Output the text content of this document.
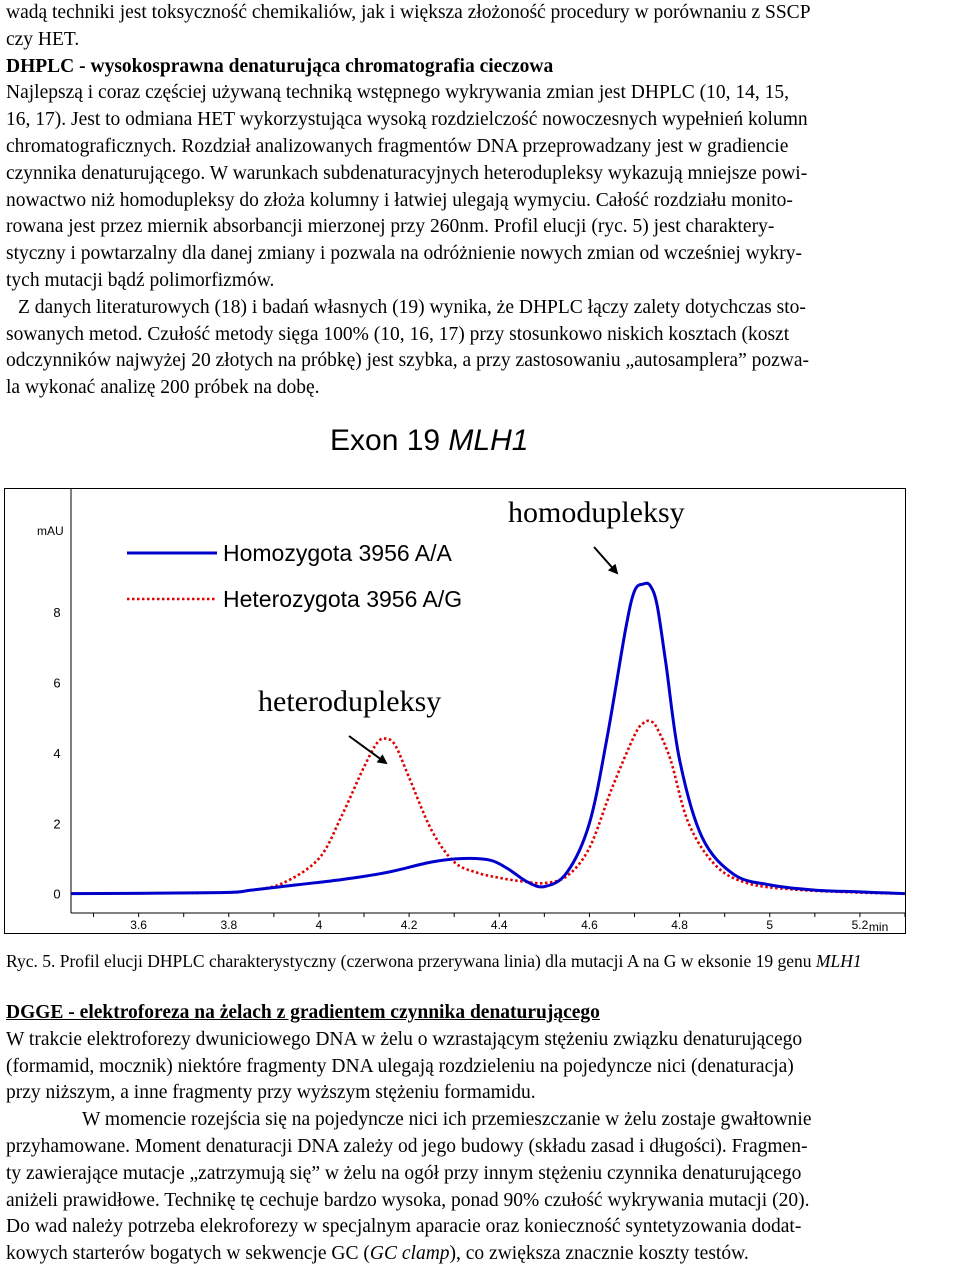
wadą techniki jest toksyczność chemikaliów, jak i większa złożoność procedury w porównaniu z SSCP
czy HET.
DHPLC - wysokosprawna denaturująca chromatografia cieczowa
Najlepszą i coraz częściej używaną techniką wstępnego wykrywania zmian jest DHPLC (10, 14, 15,
16, 17). Jest to odmiana HET wykorzystująca wysoką rozdzielczość nowoczesnych wypełnień kolumn
chromatograficznych. Rozdział analizowanych fragmentów DNA przeprowadzany jest w gradiencie
czynnika denaturującego. W warunkach subdenaturacyjnych heterodupleksy wykazują mniejsze powi-
nowactwo niż homodupleksy do złoża kolumny i łatwiej ulegają wymyciu. Całość rozdziału monito-
rowana jest przez miernik absorbancji mierzonej przy 260nm. Profil elucji (ryc. 5) jest charaktery-
styczny i powtarzalny dla danej zmiany i pozwala na odróżnienie nowych zmian od wcześniej wykry-
tych mutacji bądź polimorfizmów.
Z danych literaturowych (18) i badań własnych (19) wynika, że DHPLC łączy zalety dotychczas sto-
sowanych metod. Czułość metody sięga 100% (10, 16, 17) przy stosunkowo niskich kosztach (koszt
odczynników najwyżej 20 złotych na próbkę) jest szybka, a przy zastosowaniu „autosamplera” pozwa-
la wykonać analizę 200 próbek na dobę.
Exon 19 MLH1
mAU
8
6
4
2
0
3.6	3.8	4	4.2	4.4	4.6	4.8	5	5.2 min
Homozygota 3956 A/A
Heterozygota 3956 A/G
homodupleksy
heterodupleksy
Ryc. 5. Profil elucji DHPLC charakterystyczny (czerwona przerywana linia) dla mutacji A na G w eksonie 19 genu MLH1
DGGE - elektroforeza na żelach z gradientem czynnika denaturującego
W trakcie elektroforezy dwuniciowego DNA w żelu o wzrastającym stężeniu związku denaturującego
(formamid, mocznik) niektóre fragmenty DNA ulegają rozdzieleniu na pojedyncze nici (denaturacja)
przy niższym, a inne fragmenty przy wyższym stężeniu formamidu.
W momencie rozejścia się na pojedyncze nici ich przemieszczanie w żelu zostaje gwałtownie
przyhamowane. Moment denaturacji DNA zależy od jego budowy (składu zasad i długości). Fragmen-
ty zawierające mutacje „zatrzymują się” w żelu na ogół przy innym stężeniu czynnika denaturującego
aniżeli prawidłowe. Technikę tę cechuje bardzo wysoka, ponad 90% czułość wykrywania mutacji (20).
Do wad należy potrzeba elekroforezy w specjalnym aparacie oraz konieczność syntetyzowania dodat-
kowych starterów bogatych w sekwencje GC (GC clamp), co zwiększa znacznie koszty testów.
